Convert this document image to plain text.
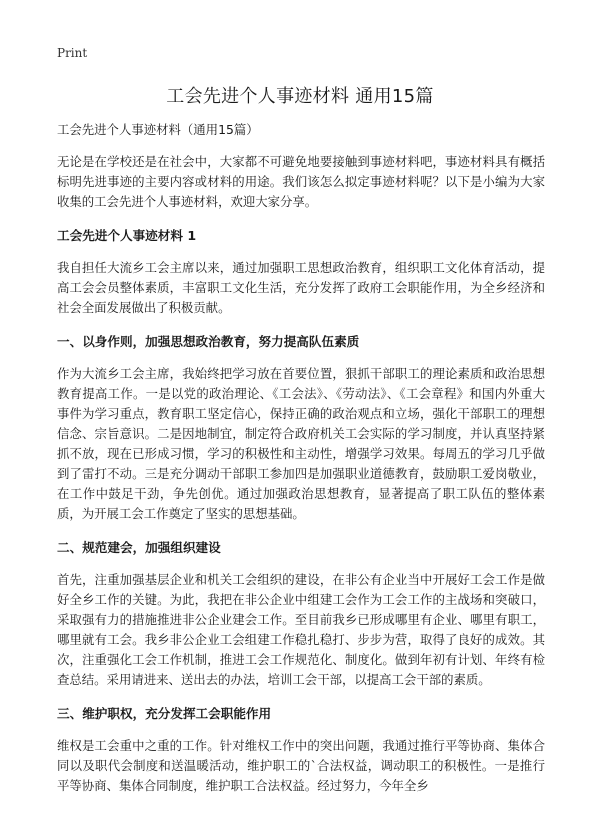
Print
工会先进个人事迹材料 通用15篇

工会先进个人事迹材料（通用15篇）

无论是在学校还是在社会中，大家都不可避免地要接触到事迹材料吧，事迹材料具有概括标明先进事迹的主要内容或材料的用途。我们该怎么拟定事迹材料呢？以下是小编为大家收集的工会先进个人事迹材料，欢迎大家分享。

工会先进个人事迹材料 1

我自担任大流乡工会主席以来，通过加强职工思想政治教育，组织职工文化体育活动，提高工会会员整体素质，丰富职工文化生活，充分发挥了政府工会职能作用，为全乡经济和社会全面发展做出了积极贡献。

一、以身作则，加强思想政治教育，努力提高队伍素质

作为大流乡工会主席，我始终把学习放在首要位置，狠抓干部职工的理论素质和政治思想教育提高工作。一是以党的政治理论、《工会法》、《劳动法》、《工会章程》和国内外重大事件为学习重点，教育职工坚定信心，保持正确的政治观点和立场，强化干部职工的理想信念、宗旨意识。二是因地制宜，制定符合政府机关工会实际的学习制度，并认真坚持紧抓不放，现在已形成习惯，学习的积极性和主动性，增强学习效果。每周五的学习几乎做到了雷打不动。三是充分调动干部职工参加四是加强职业道德教育，鼓励职工爱岗敬业，在工作中鼓足干劲，争先创优。通过加强政治思想教育，显著提高了职工队伍的整体素质，为开展工会工作奠定了坚实的思想基础。

二、规范建会，加强组织建设

首先，注重加强基层企业和机关工会组织的建设，在非公有企业当中开展好工会工作是做好全乡工作的关键。为此，我把在非公企业中组建工会作为工会工作的主战场和突破口，采取强有力的措施推进非公企业建会工作。至目前我乡已形成哪里有企业、哪里有职工，哪里就有工会。我乡非公企业工会组建工作稳扎稳打、步步为营，取得了良好的成效。其次，注重强化工会工作机制，推进工会工作规范化、制度化。做到年初有计划、年终有检查总结。采用请进来、送出去的办法，培训工会干部，以提高工会干部的素质。

三、维护职权，充分发挥工会职能作用

维权是工会重中之重的工作。针对维权工作中的突出问题，我通过推行平等协商、集体合同以及职代会制度和送温暖活动，维护职工的`合法权益，调动职工的积极性。一是推行平等协商、集体合同制度，维护职工合法权益。经过努力，今年全乡
